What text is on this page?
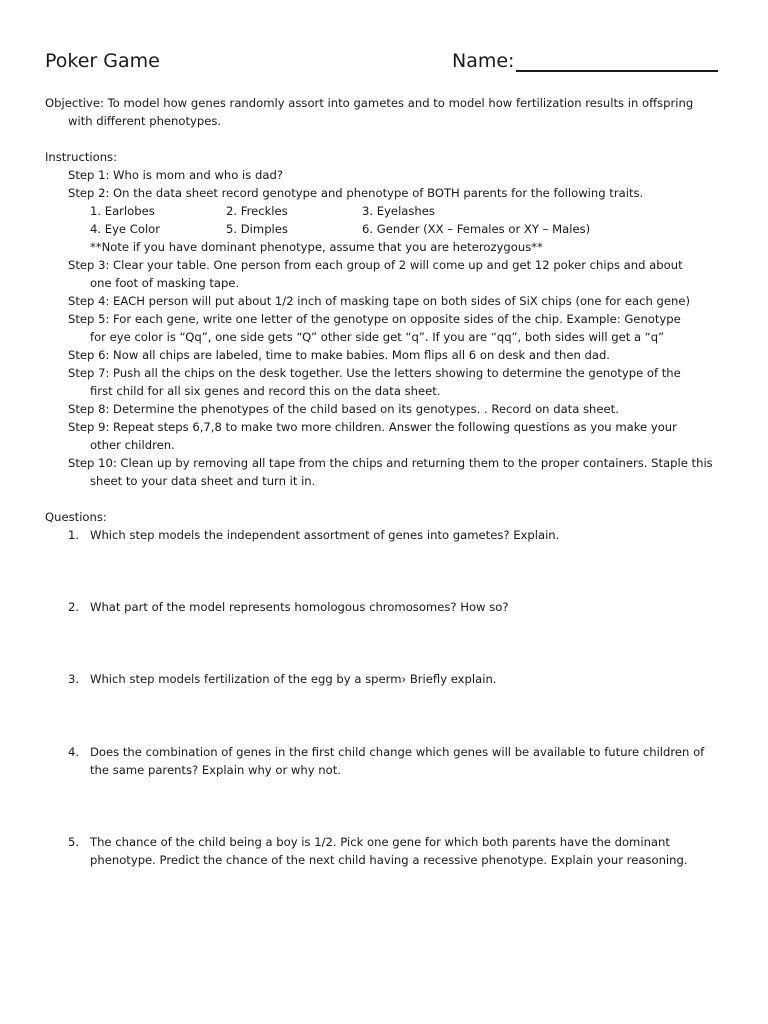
Poker Game	Name:
Objective: To model how genes randomly assort into gametes and to model how fertilization results in offspring
with different phenotypes.
Instructions:
Step 1: Who is mom and who is dad?
Step 2: On the data sheet record genotype and phenotype of BOTH parents for the following traits.
1. Earlobes	2. Freckles	3. Eyelashes
4. Eye Color	5. Dimples	6. Gender (XX – Females or XY – Males)
**Note if you have dominant phenotype, assume that you are heterozygous**
Step 3: Clear your table. One person from each group of 2 will come up and get 12 poker chips and about
one foot of masking tape.
Step 4: EACH person will put about 1/2 inch of masking tape on both sides of SiX chips (one for each gene)
Step 5: For each gene, write one letter of the genotype on opposite sides of the chip. Example: Genotype
for eye color is “Qq”, one side gets “Q” other side get “q”. If you are “qq”, both sides will get a “q”
Step 6: Now all chips are labeled, time to make babies. Mom flips all 6 on desk and then dad.
Step 7: Push all the chips on the desk together. Use the letters showing to determine the genotype of the
first child for all six genes and record this on the data sheet.
Step 8: Determine the phenotypes of the child based on its genotypes. . Record on data sheet.
Step 9: Repeat steps 6,7,8 to make two more children. Answer the following questions as you make your
other children.
Step 10: Clean up by removing all tape from the chips and returning them to the proper containers. Staple this
sheet to your data sheet and turn it in.
Questions:
1. Which step models the independent assortment of genes into gametes? Explain.
2. What part of the model represents homologous chromosomes? How so?
3. Which step models fertilization of the egg by a sperm› Briefly explain.
4. Does the combination of genes in the first child change which genes will be available to future children of
the same parents? Explain why or why not.
5. The chance of the child being a boy is 1/2. Pick one gene for which both parents have the dominant
phenotype. Predict the chance of the next child having a recessive phenotype. Explain your reasoning.
